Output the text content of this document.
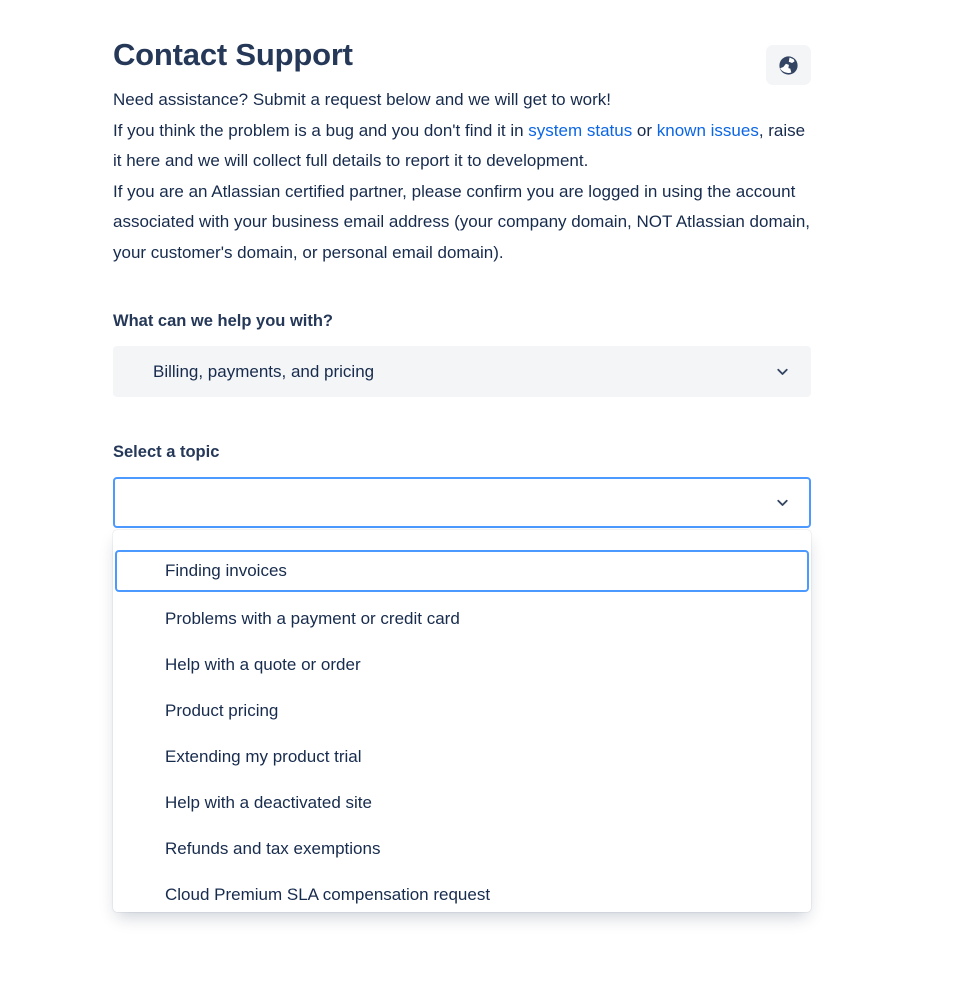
Contact Support

Need assistance? Submit a request below and we will get to work!

If you think the problem is a bug and you don't find it in system status or known issues, raise it here and we will collect full details to report it to development.

If you are an Atlassian certified partner, please confirm you are logged in using the account associated with your business email address (your company domain, NOT Atlassian domain, your customer's domain, or personal email domain).

What can we help you with?
Billing, payments, and pricing
Select a topic
Finding invoices
Problems with a payment or credit card
Help with a quote or order
Product pricing
Extending my product trial
Help with a deactivated site
Refunds and tax exemptions
Cloud Premium SLA compensation request
